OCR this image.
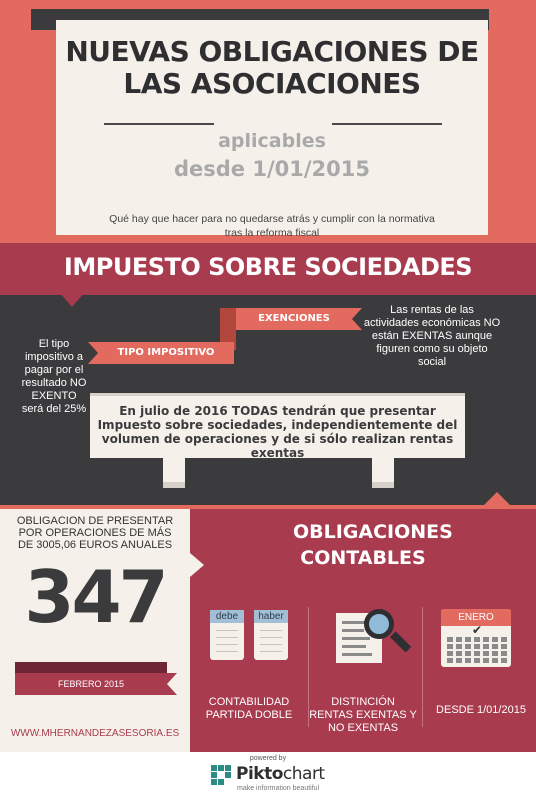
NUEVAS OBLIGACIONES DE LAS ASOCIACIONES
aplicables
desde 1/01/2015
Qué hay que hacer para no quedarse atrás y cumplir con la normativa tras la reforma fiscal
IMPUESTO SOBRE SOCIEDADES
EXENCIONES
TIPO IMPOSITIVO
Las rentas de las actividades económicas NO están EXENTAS aunque figuren como su objeto social
El tipo impositivo a pagar por el resultado NO EXENTO será del 25%	En julio de 2016 TODAS tendrán que presentar Impuesto sobre sociedades, independientemente del volumen de operaciones y de si sólo realizan rentas exentas
OBLIGACION DE PRESENTAR POR OPERACIONES DE MÁS DE 3005,06 EUROS ANUALES
347
FEBRERO 2015
WWW.MHERNANDEZASESORIA.ES
OBLIGACIONES CONTABLES
debe	haber
CONTABILIDAD PARTIDA DOBLE
DISTINCIÓN RENTAS EXENTAS Y NO EXENTAS
ENERO
✔
DESDE 1/01/2015
powered by
Piktochart
make information beautiful
